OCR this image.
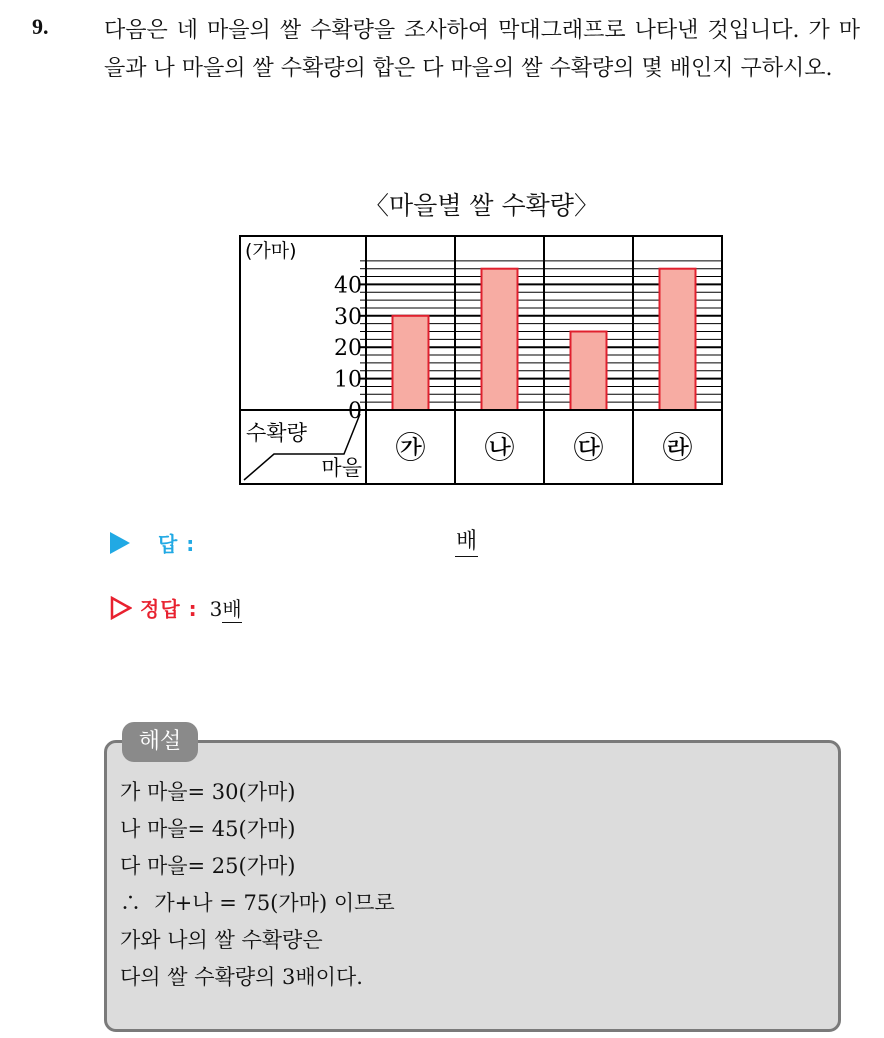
9.	다음은 네 마을의 쌀 수확량을 조사하여 막대그래프로 나타낸 것입니다. 가 마을과 나 마을의 쌀 수확량의 합은 다 마을의 쌀 수확량의 몇 배인지 구하시오.
〈마을별 쌀 수확량〉
(가마)
40
30
20
10
0
수확량
마을
㉮ ㉯ ㉰ ㉱
답 :	배
정답 : 3배
해설
가 마을= 30(가마)
나 마을= 45(가마)
다 마을= 25(가마)
∴  가+나 = 75(가마) 이므로
가와 나의 쌀 수확량은
다의 쌀 수확량의 3배이다.
